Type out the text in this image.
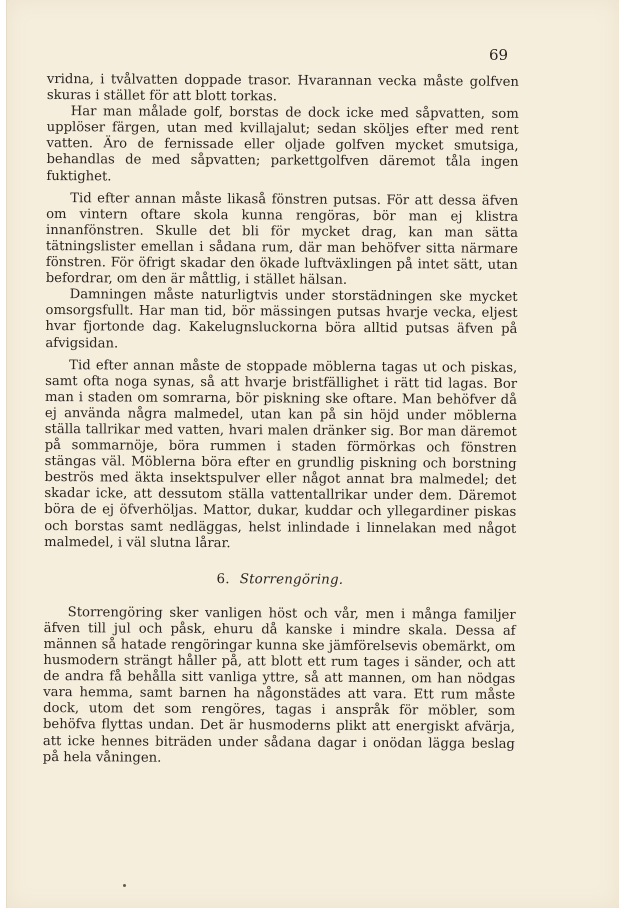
69

vridna, i tvålvatten doppade trasor. Hvarannan vecka måste golfven skuras i stället för att blott torkas.

Har man målade golf, borstas de dock icke med såpvatten, som upplöser färgen, utan med kvillajalut; sedan sköljes efter med rent vatten. Äro de fernissade eller oljade golfven mycket smutsiga, behandlas de med såpvatten; parkettgolfven däremot tåla ingen fuktighet.

Tid efter annan måste likaså fönstren putsas. För att dessa äfven om vintern oftare skola kunna rengöras, bör man ej klistra innanfönstren. Skulle det bli för mycket drag, kan man sätta tätningslister emellan i sådana rum, där man behöfver sitta närmare fönstren. För öfrigt skadar den ökade luftväxlingen på intet sätt, utan befordrar, om den är måttlig, i stället hälsan.

Damningen måste naturligtvis under storstädningen ske mycket omsorgsfullt. Har man tid, bör mässingen putsas hvarje vecka, eljest hvar fjortonde dag. Kakelugnsluckorna böra alltid putsas äfven på afvigsidan.

Tid efter annan måste de stoppade möblerna tagas ut och piskas, samt ofta noga synas, så att hvarje bristfällighet i rätt tid lagas. Bor man i staden om somrarna, bör piskning ske oftare. Man behöfver då ej använda några malmedel, utan kan på sin höjd under möblerna ställa tallrikar med vatten, hvari malen dränker sig. Bor man däremot på sommarnöje, böra rummen i staden förmörkas och fönstren stängas väl. Möblerna böra efter en grundlig piskning och borstning beströs med äkta insektspulver eller något annat bra malmedel; det skadar icke, att dessutom ställa vattentallrikar under dem. Däremot böra de ej öfverhöljas. Mattor, dukar, kuddar och yllegardiner piskas och borstas samt nedläggas, helst inlindade i linnelakan med något malmedel, i väl slutna lårar.

6. Storrengöring.

Storrengöring sker vanligen höst och vår, men i många familjer äfven till jul och påsk, ehuru då kanske i mindre skala. Dessa af männen så hatade rengöringar kunna ske jämförelsevis obemärkt, om husmodern strängt håller på, att blott ett rum tages i sänder, och att de andra få behålla sitt vanliga yttre, så att mannen, om han nödgas vara hemma, samt barnen ha någonstädes att vara. Ett rum måste dock, utom det som rengöres, tagas i anspråk för möbler, som behöfva flyttas undan. Det är husmoderns plikt att energiskt afvärja, att icke hennes biträden under sådana dagar i onödan lägga beslag på hela våningen.
